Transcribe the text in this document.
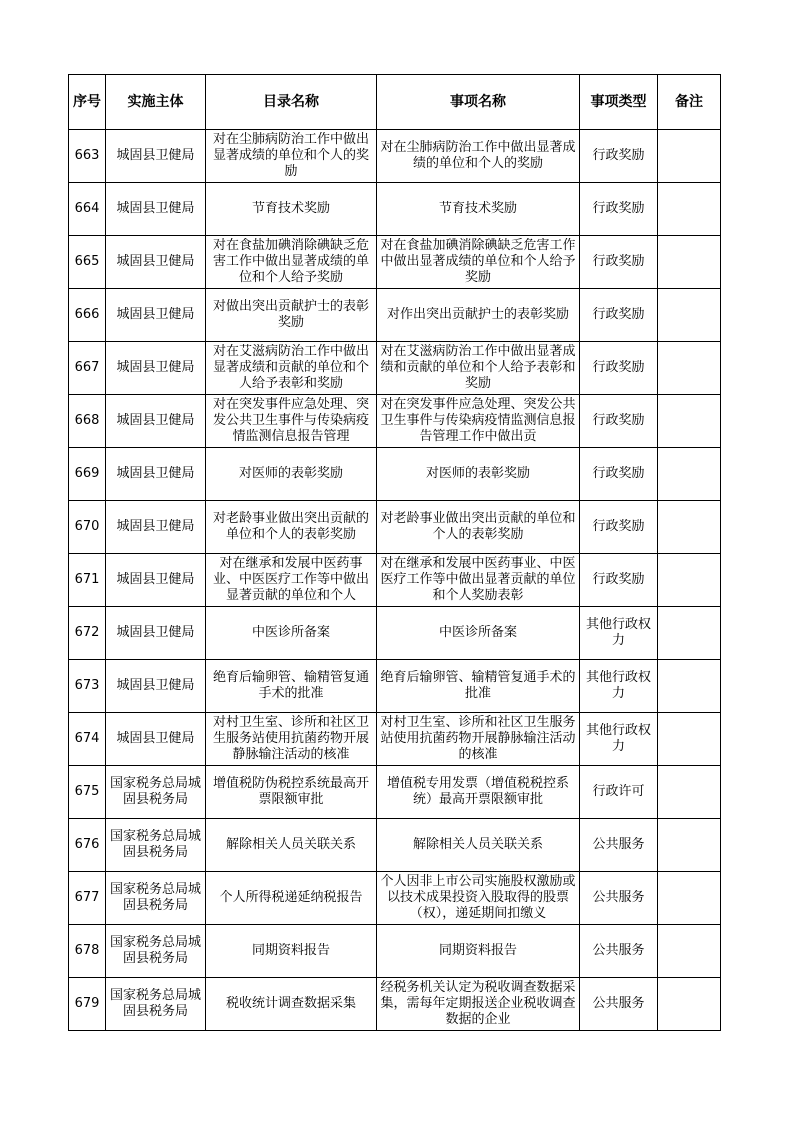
序号	实施主体	目录名称	事项名称	事项类型	备注

663	城固县卫健局	对在尘肺病防治工作中做出显著成绩的单位和个人的奖励	对在尘肺病防治工作中做出显著成绩的单位和个人的奖励	行政奖励	

664	城固县卫健局	节育技术奖励	节育技术奖励	行政奖励	

665	城固县卫健局	对在食盐加碘消除碘缺乏危害工作中做出显著成绩的单位和个人给予奖励	对在食盐加碘消除碘缺乏危害工作中做出显著成绩的单位和个人给予奖励	行政奖励	

666	城固县卫健局	对做出突出贡献护士的表彰奖励	对作出突出贡献护士的表彰奖励	行政奖励	

667	城固县卫健局	对在艾滋病防治工作中做出显著成绩和贡献的单位和个人给予表彰和奖励	对在艾滋病防治工作中做出显著成绩和贡献的单位和个人给予表彰和奖励	行政奖励	

668	城固县卫健局	对在突发事件应急处理、突发公共卫生事件与传染病疫情监测信息报告管理	对在突发事件应急处理、突发公共卫生事件与传染病疫情监测信息报告管理工作中做出贡	行政奖励	

669	城固县卫健局	对医师的表彰奖励	对医师的表彰奖励	行政奖励	

670	城固县卫健局	对老龄事业做出突出贡献的单位和个人的表彰奖励	对老龄事业做出突出贡献的单位和个人的表彰奖励	行政奖励	

671	城固县卫健局	对在继承和发展中医药事业、中医医疗工作等中做出显著贡献的单位和个人	对在继承和发展中医药事业、中医医疗工作等中做出显著贡献的单位和个人奖励表彰	行政奖励	

672	城固县卫健局	中医诊所备案	中医诊所备案	其他行政权力	

673	城固县卫健局	绝育后输卵管、输精管复通手术的批准	绝育后输卵管、输精管复通手术的批准	其他行政权力	

674	城固县卫健局	对村卫生室、诊所和社区卫生服务站使用抗菌药物开展静脉输注活动的核准	对村卫生室、诊所和社区卫生服务站使用抗菌药物开展静脉输注活动的核准	其他行政权力	

675	国家税务总局城固县税务局	增值税防伪税控系统最高开票限额审批	增值税专用发票（增值税税控系统）最高开票限额审批	行政许可	

676	国家税务总局城固县税务局	解除相关人员关联关系	解除相关人员关联关系	公共服务	

677	国家税务总局城固县税务局	个人所得税递延纳税报告	个人因非上市公司实施股权激励或以技术成果投资入股取得的股票（权），递延期间扣缴义	公共服务	

678	国家税务总局城固县税务局	同期资料报告	同期资料报告	公共服务	

679	国家税务总局城固县税务局	税收统计调查数据采集	经税务机关认定为税收调查数据采集，需每年定期报送企业税收调查数据的企业	公共服务	
